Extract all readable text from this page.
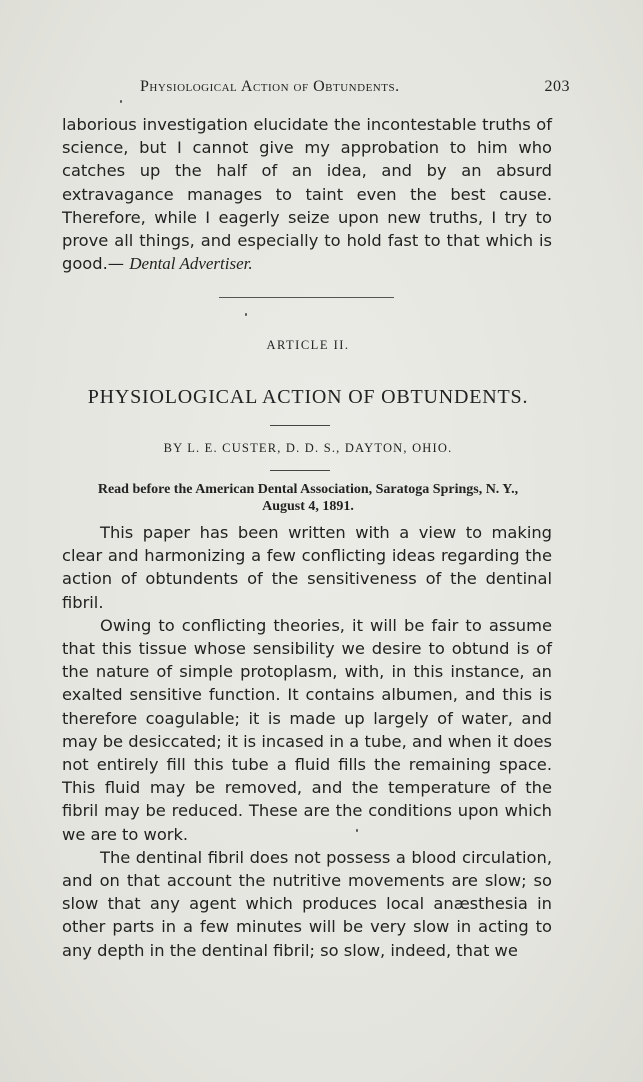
Physiological Action of Obtundents.	203
laborious investigation elucidate the incontestable truths of science, but I cannot give my approbation to him who catches up the half of an idea, and by an absurd extravagance manages to taint even the best cause. Therefore, while I eagerly seize upon new truths, I try to prove all things, and especially to hold fast to that which is good.— Dental Advertiser.
ARTICLE II.
PHYSIOLOGICAL ACTION OF OBTUNDENTS.
BY L. E. CUSTER, D. D. S., DAYTON, OHIO.
Read before the American Dental Association, Saratoga Springs, N. Y., August 4, 1891.

This paper has been written with a view to making clear and harmonizing a few conflicting ideas regarding the action of obtundents of the sensitiveness of the dentinal fibril.

Owing to conflicting theories, it will be fair to assume that this tissue whose sensibility we desire to obtund is of the nature of simple protoplasm, with, in this instance, an exalted sensitive function. It contains albumen, and this is therefore coagulable; it is made up largely of water, and may be desiccated; it is incased in a tube, and when it does not entirely fill this tube a fluid fills the remaining space. This fluid may be removed, and the temperature of the fibril may be reduced. These are the conditions upon which we are to work.

The dentinal fibril does not possess a blood circulation, and on that account the nutritive movements are slow; so slow that any agent which produces local anæsthesia in other parts in a few minutes will be very slow in acting to any depth in the dentinal fibril; so slow, indeed, that we
